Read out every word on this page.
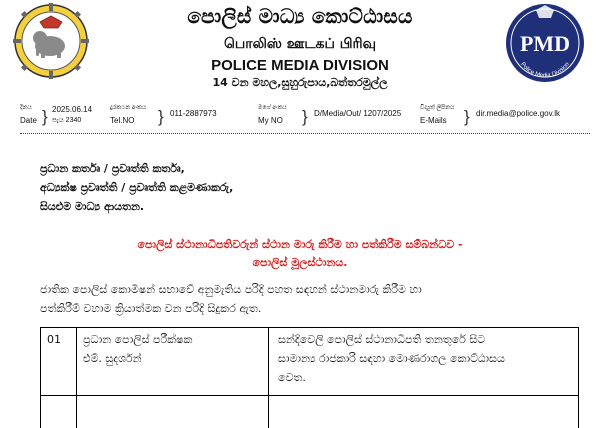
පොලිස් මාධ්‍ය කොට්ඨාසය
பொலிஸ் ஊடகப் பிரிவு
POLICE MEDIA DIVISION
14 වන මහල,සුහුරුපාය,බත්තරමුල්ල
PMD
Police Media Division
දිනය
Date } 2025.06.14
පැය 2340
දුරකථන අංකය
Tel.NO } 011-2887973
මගේ අංකය
My NO } D/Media/Out/ 1207/2025
විද්‍යුත් ලිපිනය
E-Mails } dir.media@police.gov.lk
ප්‍රධාන කර්තෘ / ප්‍රවෘත්ති කර්තෘ,
අධ්‍යක්ෂ ප්‍රවෘත්ති / ප්‍රවෘත්ති කළමණාකරු,
සියළුම මාධ්‍ය ආයතන.
පොලිස් ස්ථානාධිපතිවරුන් ස්ථාන මාරු කිරීම හා පත්කිරීම සම්බන්ධව -
පොලිස් මූලස්ථානය.
ජාතික පොලිස් කොමිෂන් සභාවේ අනුමැතිය පරිදි පහත සඳහන් ස්ථානමාරු කිරීම හා
පත්කිරීම් වහාම ක්‍රියාත්මක වන පරිදි සිදුකර ඇත.
01 ප්‍රධාන පොලිස් පරීක්ෂක
එම්. සුදර්ශන්
සන්දිවෙලි පොලිස් ස්ථානාධිපති තනතුරේ සිට
සාමාන්‍ය රාජකාරි සඳහා මොණරාගල කොට්ඨාසය
වෙත.
